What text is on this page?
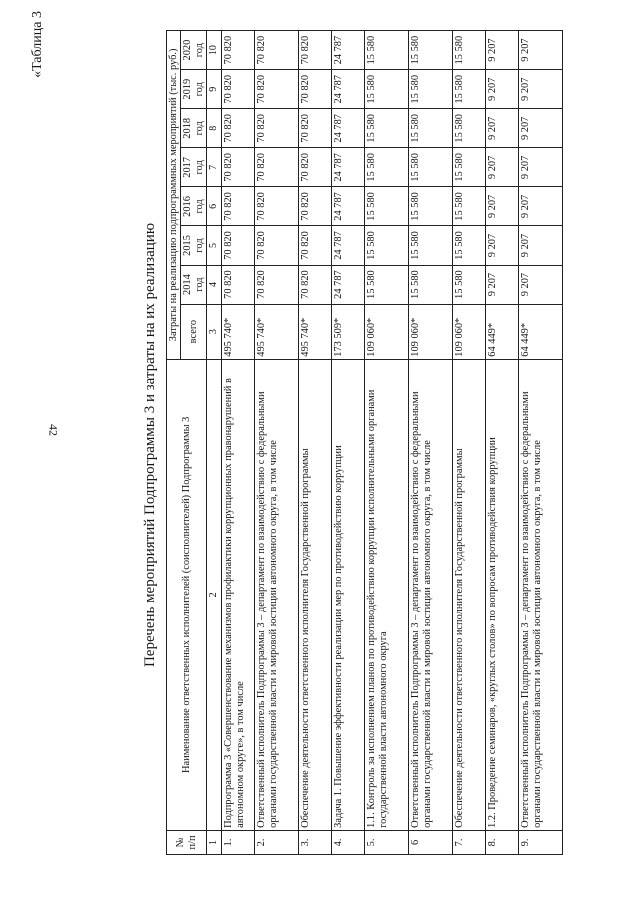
42	Перечень мероприятий Подпрограммы 3 и затраты на их реализацию
«Таблица 3
№ п/п	Наименование ответственных исполнителей (соисполнителей) Подпрограммы 3	Затраты на реализацию подпрограммных мероприятий (тыс. руб.)							
		всего	2014 год	2015 год	2016 год	2017 год	2018 год	2019 год	2020 год
1	2	3	4	5	6	7	8	9	10
1.	Подпрограмма 3 «Совершенствование механизмов профилактики коррупционных правонарушений в автономном округе», в том числе	495 740*	70 820	70 820	70 820	70 820	70 820	70 820	70 820
2.	Ответственный исполнитель Подпрограммы 3 – департамент по взаимодействию с федеральными органами государственной власти и мировой юстиции автономного округа, в том числе	495 740*	70 820	70 820	70 820	70 820	70 820	70 820	70 820
3.	Обеспечение деятельности ответственного исполнителя Государственной программы	495 740*	70 820	70 820	70 820	70 820	70 820	70 820	70 820
4.	Задача 1. Повышение эффективности реализации мер по противодействию коррупции	173 509*	24 787	24 787	24 787	24 787	24 787	24 787	24 787
5.	1.1. Контроль за исполнением планов по противодействию коррупции исполнительными органами государственной власти автономного округа	109 060*	15 580	15 580	15 580	15 580	15 580	15 580	15 580
6	Ответственный исполнитель Подпрограммы 3 – департамент по взаимодействию с федеральными органами государственной власти и мировой юстиции автономного округа, в том числе	109 060*	15 580	15 580	15 580	15 580	15 580	15 580	15 580
7.	Обеспечение деятельности ответственного исполнителя Государственной программы	109 060*	15 580	15 580	15 580	15 580	15 580	15 580	15 580
8.	1.2. Проведение семинаров, «круглых столов» по вопросам противодействия коррупции	64 449*	9 207	9 207	9 207	9 207	9 207	9 207	9 207
9.	Ответственный исполнитель Подпрограммы 3 – департамент по взаимодействию с федеральными органами государственной власти и мировой юстиции автономного округа, в том числе	64 449*	9 207	9 207	9 207	9 207	9 207	9 207	9 207
